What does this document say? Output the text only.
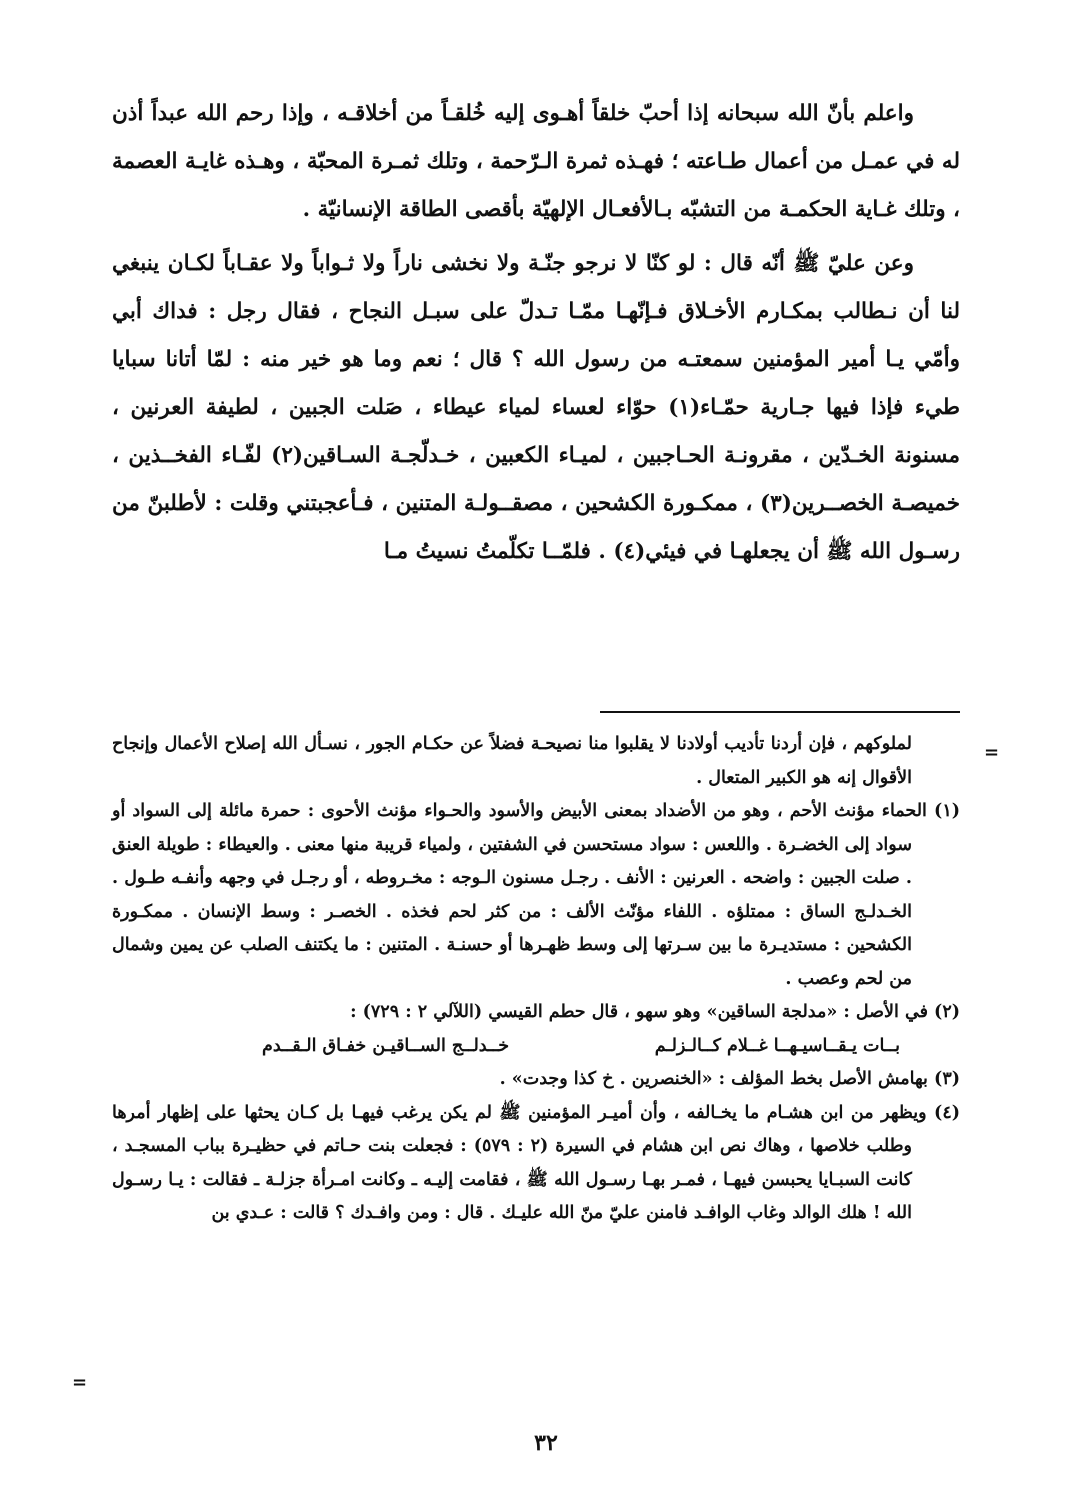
واعلم بأنّ الله سبحانه إذا أحبّ خلقاً أهـوى إليه خُلقـاً من أخلاقـه ، وإذا رحم الله عبداً أذن له في عمـل من أعمال طـاعته ؛ فهـذه ثمرة الـرّحمة ، وتلك ثمـرة المحبّة ، وهـذه غايـة العصمة ، وتلك غـاية الحكمـة من التشبّه بـالأفعـال الإلهيّة بأقصى الطاقة الإنسانيّة .

وعن عليّ ﷺ أنّه قال : لو كنّا لا نرجو جنّـة ولا نخشى ناراً ولا ثـواباً ولا عقـاباً لكـان ينبغي لنا أن نـطالب بمكـارم الأخـلاق فـإنّهـا ممّـا تـدلّ على سبـل النجاح ، فقال رجل : فداك أبي وأمّي يـا أمير المؤمنين سمعتـه من رسول الله ؟ قال ؛ نعم وما هو خير منه : لمّا أتانا سبايا طيء فإذا فيها جـارية حمّـاء(١) حوّاء لعساء لمياء عيطاء ، صَلت الجبين ، لطيفة العرنين ، مسنونة الخـدّين ، مقرونـة الحـاجبين ، لميـاء الكعبين ، خـدلّجـة السـاقين(٢) لفّـاء الفخــذين ، خميصـة الخصــرين(٣) ، ممكـورة الكشحين ، مصقــولـة المتنين ، فـأعجبتني وقلت : لأطلبنّ من رسـول الله ﷺ أن يجعلهـا في فيئي(٤) . فلمّــا تكلّمتُ نسيتُ مـا

=

لملوكهم ، فإن أردنا تأديب أولادنا لا يقلبوا منا نصيحـة فضلاً عن حكـام الجور ، نسـأل الله إصلاح الأعمال وإنجاح الأقوال إنه هو الكبير المتعال .

(١) الحماء مؤنث الأحم ، وهو من الأضداد بمعنى الأبيض والأسود والحـواء مؤنث الأحوى : حمرة مائلة إلى السواد أو سواد إلى الخضـرة . واللعس : سواد مستحسن في الشفتين ، ولمياء قريبة منها معنى . والعيطاء : طويلة العنق . صلت الجبين : واضحه . العرنين : الأنف . رجـل مسنون الـوجه : مخـروطه ، أو رجـل في وجهه وأنفـه طـول . الخـدلـج الساق : ممتلؤه . اللفاء مؤنّث الألف : من كثر لحم فخذه . الخصـر : وسط الإنسان . ممكـورة الكشحين : مستديـرة ما بين سـرتها إلى وسط ظهـرها أو حسنـة . المتنين : ما يكتنف الصلب عن يمين وشمال من لحم وعصب .

(٢) في الأصل : «مدلجة الساقين» وهو سهو ، قال حطم القيسي (اللآلي ٢ : ٧٢٩) :

بــات يـقــاسيـهــا غــلام كــالـزلـم
خــدلــج الســاقيـن خفـاق الـقــدم

(٣) بهامش الأصل بخط المؤلف : «الخنصرين . خ كذا وجدت» .

(٤) ويظهر من ابن هشـام ما يخـالفه ، وأن أميـر المؤمنين ﷺ لم يكن يرغب فيهـا بل كـان يحثها على إظهار أمرها وطلب خلاصها ، وهاك نص ابن هشام في السيرة (٢ : ٥٧٩) : فجعلت بنت حـاتم في حظيـرة بباب المسجـد ، كانت السبـايا يحبسن فيهـا ، فمـر بهـا رسـول الله ﷺ ، فقامت إليـه ـ وكانت امـرأة جزلـة ـ فقالت : يـا رسـول الله ! هلك الوالد وغاب الوافـد فامنن عليّ منّ الله عليـك . قال : ومن وافـدك ؟ قالت : عـدي بن

=
٣٢
